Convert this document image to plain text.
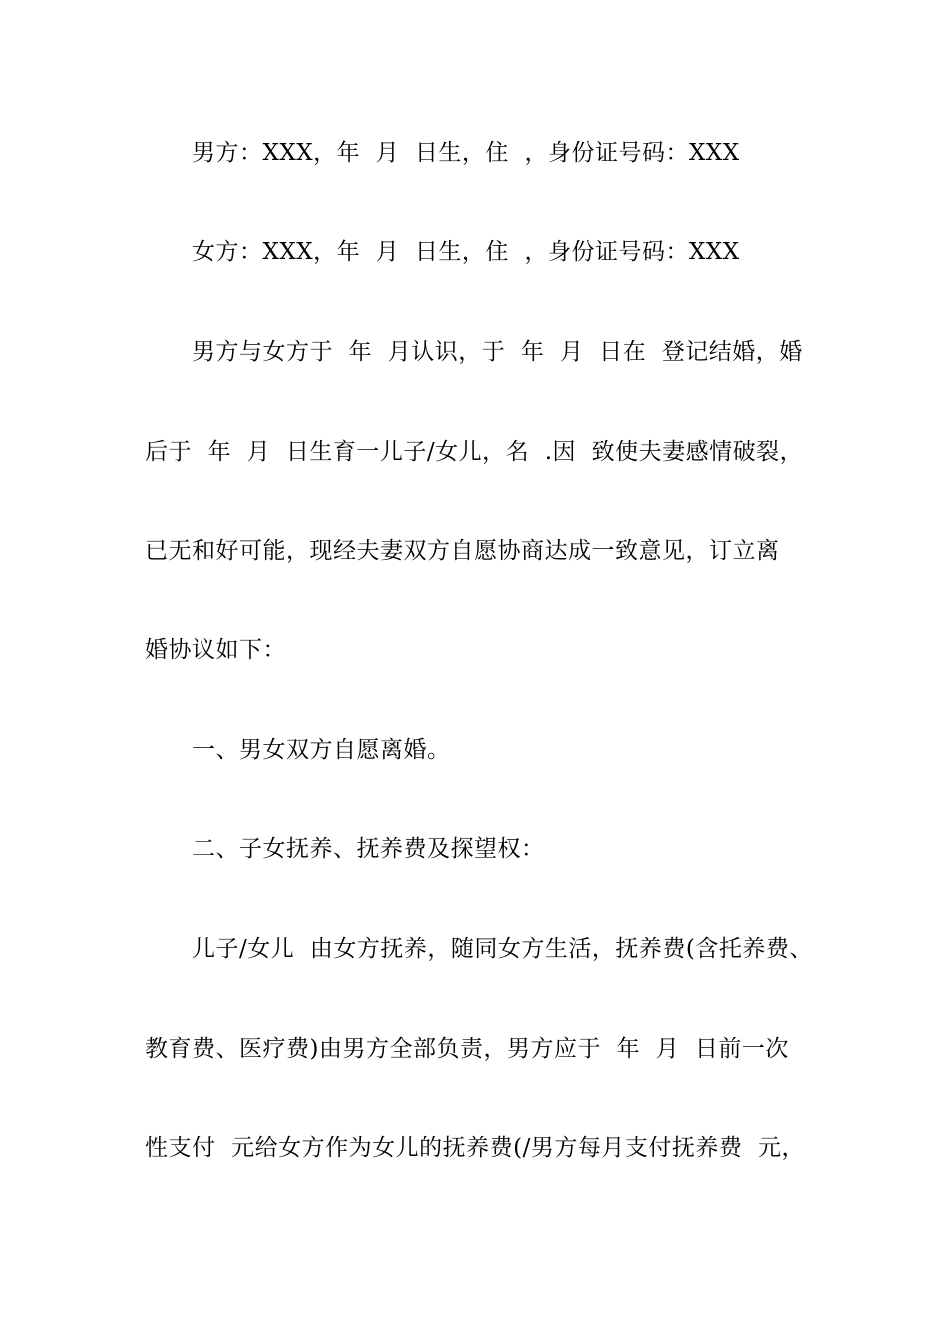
男方：XXX，年  月  日生，住  ，身份证号码：XXX
女方：XXX，年  月  日生，住  ，身份证号码：XXX
男方与女方于  年  月认识，于  年  月  日在  登记结婚，婚
后于  年  月  日生育一儿子/女儿，名  .因  致使夫妻感情破裂，
已无和好可能，现经夫妻双方自愿协商达成一致意见，订立离
婚协议如下：
一、男女双方自愿离婚。
二、子女抚养、抚养费及探望权：
儿子/女儿  由女方抚养，随同女方生活，抚养费(含托养费、
教育费、医疗费)由男方全部负责，男方应于  年  月  日前一次
性支付  元给女方作为女儿的抚养费(/男方每月支付抚养费  元，
